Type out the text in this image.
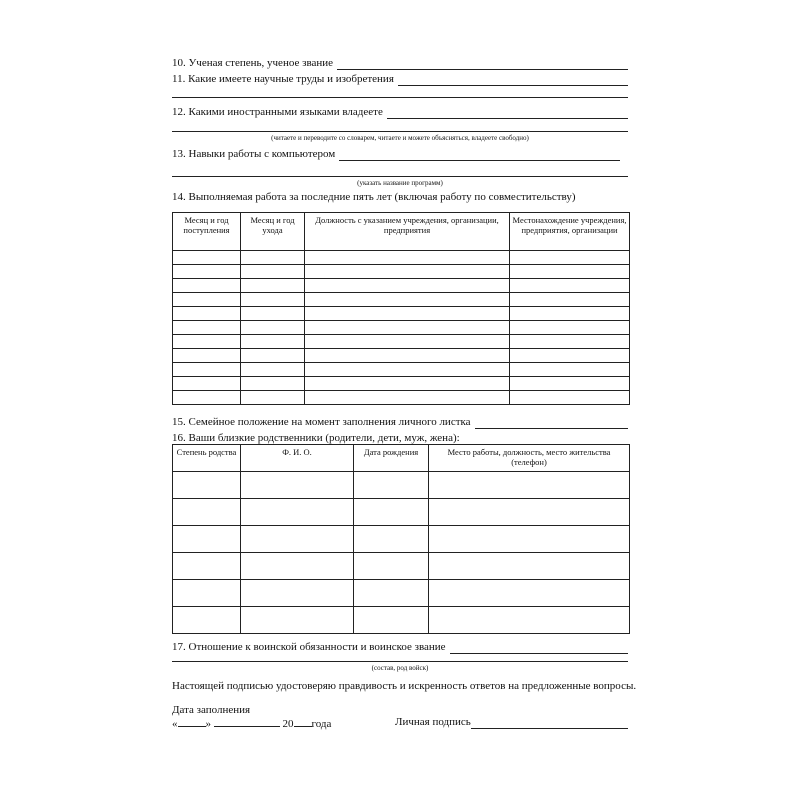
10. Ученая степень, ученое звание
11. Какие имеете научные труды и изобретения
12. Какими иностранными языками владеете
(читаете и переводите со словарем, читаете и можете объясняться, владеете свободно)
13. Навыки работы с компьютером
(указать название программ)
14. Выполняемая работа за последние пять лет (включая работу по совместительству)
Месяц и год поступления	Месяц и год ухода	Должность с указанием учреждения, организации, предприятия	Местонахождение учреждения, предприятия, организации

15. Семейное положение на момент заполнения личного листка
16. Ваши близкие родственники (родители, дети, муж, жена):
Степень родства	Ф. И. О.	Дата рождения	Место работы, должность, место жительства (телефон)

17. Отношение к воинской обязанности и воинское звание
(состав, род войск)
Настоящей подписью удостоверяю правдивость и искренность ответов на предложенные вопросы.
Дата заполнения
«	»	20 года	Личная подпись
